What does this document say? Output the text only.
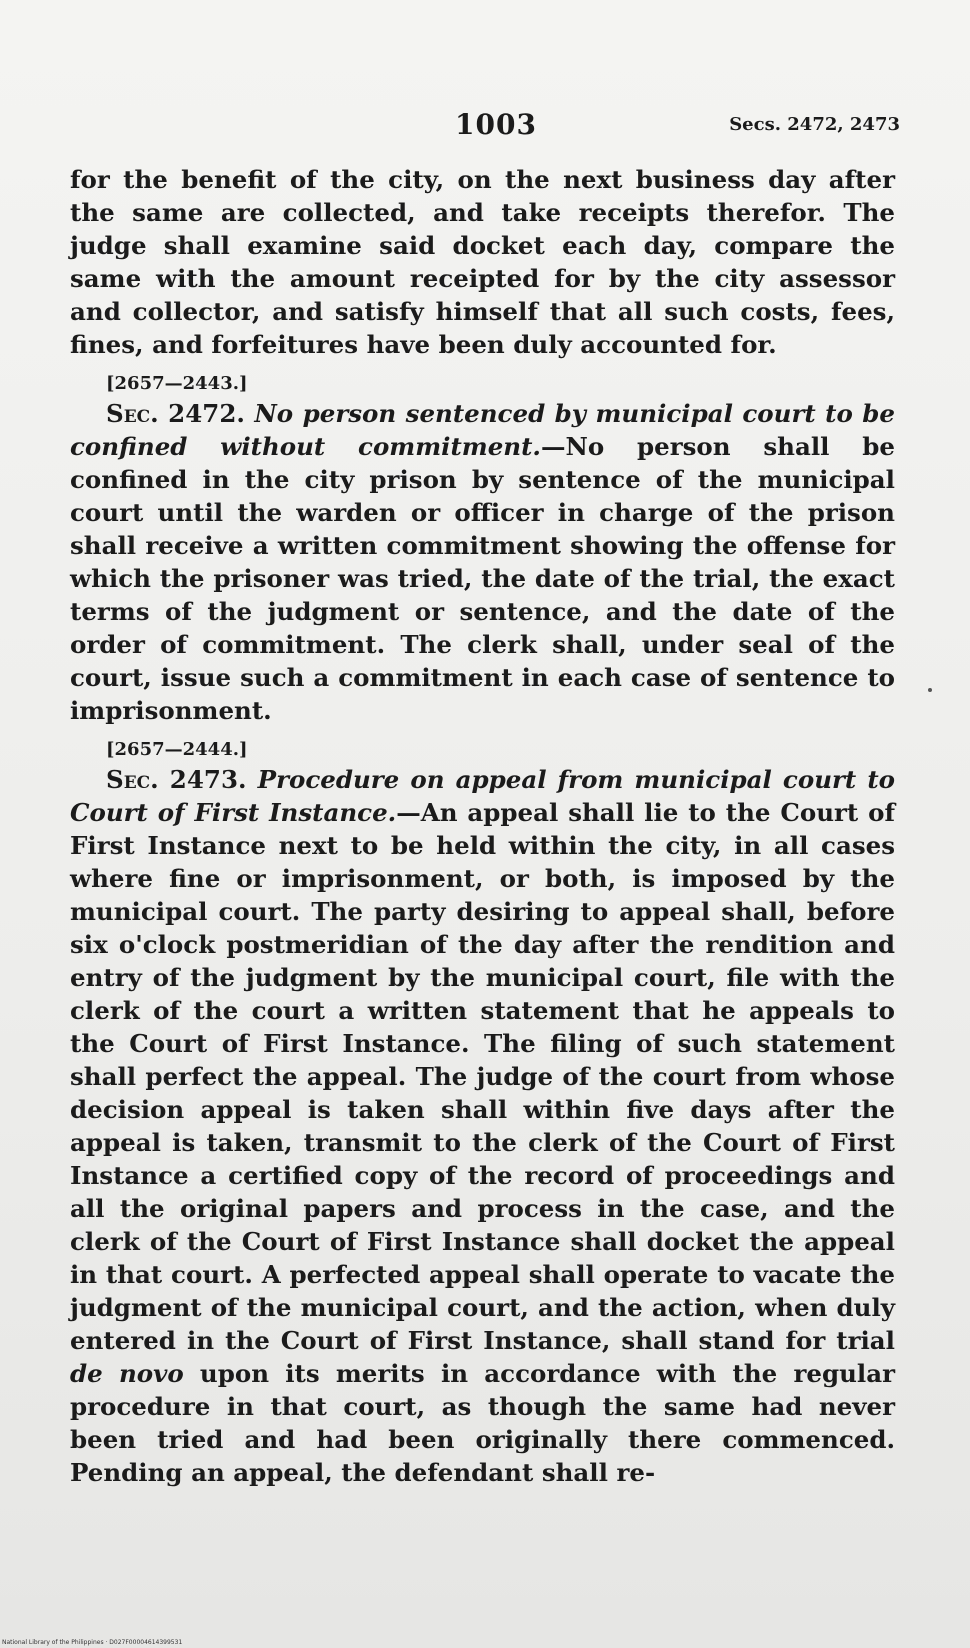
1003	Secs. 2472, 2473

for the benefit of the city, on the next business day after the same are collected, and take receipts therefor. The judge shall examine said docket each day, compare the same with the amount receipted for by the city assessor and collector, and satisfy himself that all such costs, fees, fines, and forfeitures have been duly accounted for.

[2657—2443.]

Sec. 2472. No person sentenced by municipal court to be confined without commitment.—No person shall be confined in the city prison by sentence of the municipal court until the warden or officer in charge of the prison shall receive a written commitment showing the offense for which the prisoner was tried, the date of the trial, the exact terms of the judgment or sentence, and the date of the order of commitment. The clerk shall, under seal of the court, issue such a commitment in each case of sentence to imprisonment.

[2657—2444.]

Sec. 2473. Procedure on appeal from municipal court to Court of First Instance.—An appeal shall lie to the Court of First Instance next to be held within the city, in all cases where fine or imprisonment, or both, is imposed by the municipal court. The party desiring to appeal shall, before six o'clock postmeridian of the day after the rendition and entry of the judgment by the municipal court, file with the clerk of the court a written statement that he appeals to the Court of First Instance. The filing of such statement shall perfect the appeal. The judge of the court from whose decision appeal is taken shall within five days after the appeal is taken, transmit to the clerk of the Court of First Instance a certified copy of the record of proceedings and all the original papers and process in the case, and the clerk of the Court of First Instance shall docket the appeal in that court. A perfected appeal shall operate to vacate the judgment of the municipal court, and the action, when duly entered in the Court of First Instance, shall stand for trial de novo upon its merits in accordance with the regular procedure in that court, as though the same had never been tried and had been originally there commenced. Pending an appeal, the defendant shall re-

National Library of the Philippines · D027F00004614399531
